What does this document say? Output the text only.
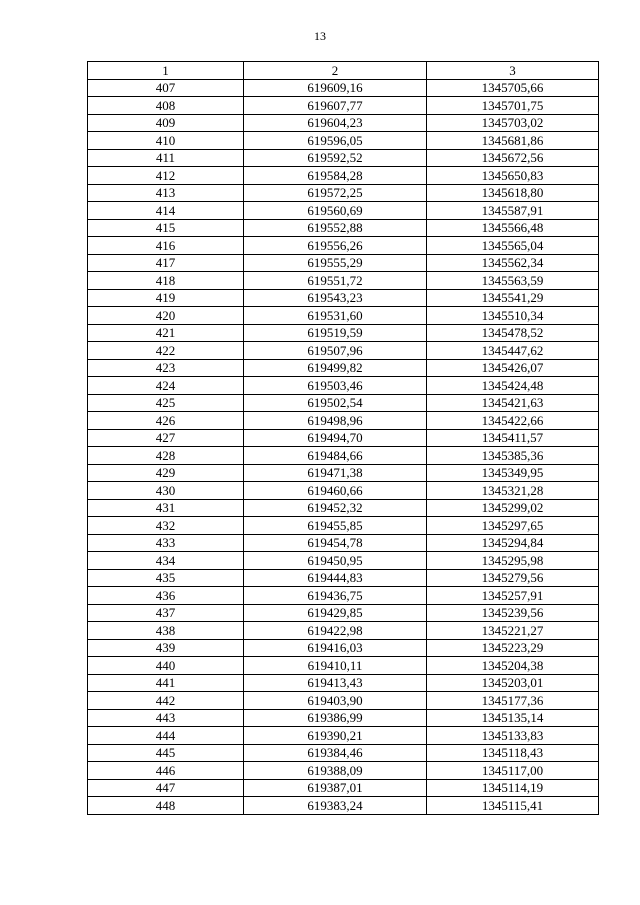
13
1	2	3
407	619609,16	1345705,66
408	619607,77	1345701,75
409	619604,23	1345703,02
410	619596,05	1345681,86
411	619592,52	1345672,56
412	619584,28	1345650,83
413	619572,25	1345618,80
414	619560,69	1345587,91
415	619552,88	1345566,48
416	619556,26	1345565,04
417	619555,29	1345562,34
418	619551,72	1345563,59
419	619543,23	1345541,29
420	619531,60	1345510,34
421	619519,59	1345478,52
422	619507,96	1345447,62
423	619499,82	1345426,07
424	619503,46	1345424,48
425	619502,54	1345421,63
426	619498,96	1345422,66
427	619494,70	1345411,57
428	619484,66	1345385,36
429	619471,38	1345349,95
430	619460,66	1345321,28
431	619452,32	1345299,02
432	619455,85	1345297,65
433	619454,78	1345294,84
434	619450,95	1345295,98
435	619444,83	1345279,56
436	619436,75	1345257,91
437	619429,85	1345239,56
438	619422,98	1345221,27
439	619416,03	1345223,29
440	619410,11	1345204,38
441	619413,43	1345203,01
442	619403,90	1345177,36
443	619386,99	1345135,14
444	619390,21	1345133,83
445	619384,46	1345118,43
446	619388,09	1345117,00
447	619387,01	1345114,19
448	619383,24	1345115,41
